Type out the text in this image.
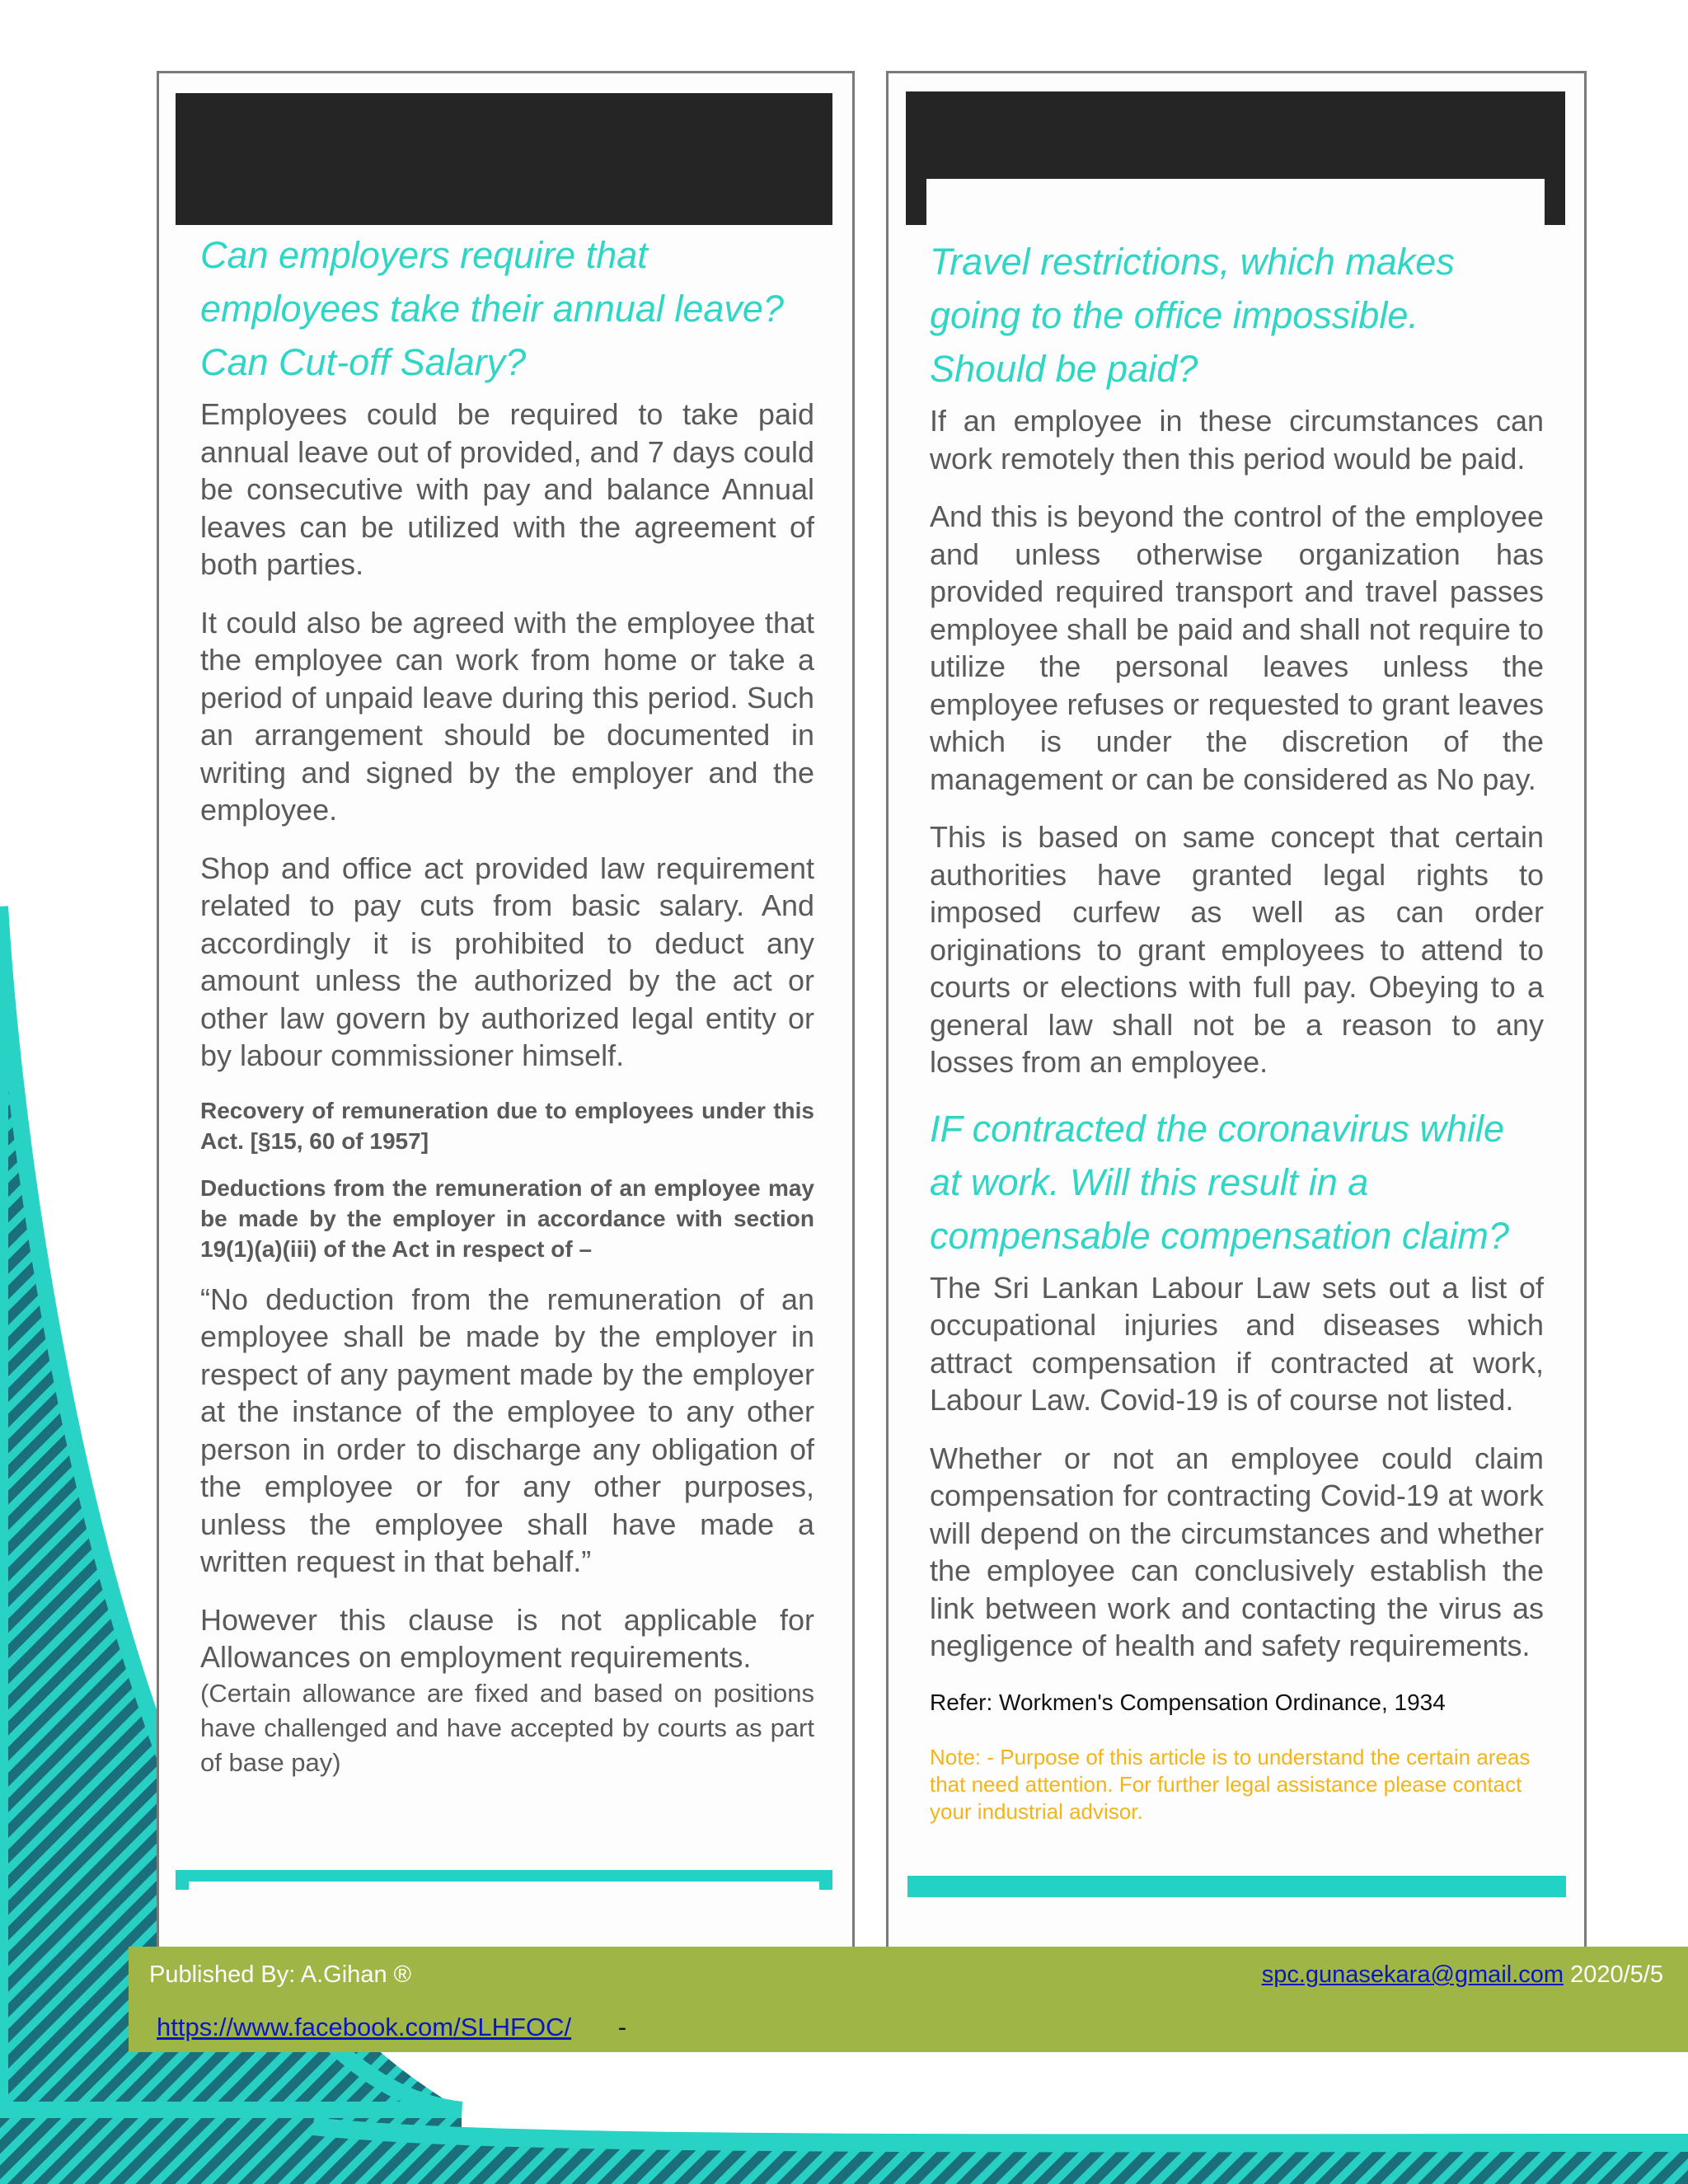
Can employers require that employees take their annual leave? Can Cut-off Salary?

Employees could be required to take paid annual leave out of provided, and 7 days could be consecutive with pay and balance Annual leaves can be utilized with the agreement of both parties.

It could also be agreed with the employee that the employee can work from home or take a period of unpaid leave during this period. Such an arrangement should be documented in writing and signed by the employer and the employee.

Shop and office act provided law requirement related to pay cuts from basic salary. And accordingly it is prohibited to deduct any amount unless the authorized by the act or other law govern by authorized legal entity or by labour commissioner himself.

Recovery of remuneration due to employees under this Act. [§15, 60 of 1957]

Deductions from the remuneration of an employee may be made by the employer in accordance with section 19(1)(a)(iii) of the Act in respect of –

“No deduction from the remuneration of an employee shall be made by the employer in respect of any payment made by the employer at the instance of the employee to any other person in order to discharge any obligation of the employee or for any other purposes, unless the employee shall have made a written request in that behalf.”

However this clause is not applicable for Allowances on employment requirements.

(Certain allowance are fixed and based on positions have challenged and have accepted by courts as part of base pay)

Travel restrictions, which makes going to the office impossible. Should be paid?

If an employee in these circumstances can work remotely then this period would be paid.

And this is beyond the control of the employee and unless otherwise organization has provided required transport and travel passes employee shall be paid and shall not require to utilize the personal leaves unless the employee refuses or requested to grant leaves which is under the discretion of the management or can be considered as No pay.

This is based on same concept that certain authorities have granted legal rights to imposed curfew as well as can order originations to grant employees to attend to courts or elections with full pay. Obeying to a general law shall not be a reason to any losses from an employee.

IF contracted the coronavirus while at work. Will this result in a compensable compensation claim?

The Sri Lankan Labour Law sets out a list of occupational injuries and diseases which attract compensation if contracted at work, Labour Law. Covid-19 is of course not listed.

Whether or not an employee could claim compensation for contracting Covid-19 at work will depend on the circumstances and whether the employee can conclusively establish the link between work and contacting the virus as negligence of health and safety requirements.

Refer: Workmen's Compensation Ordinance, 1934

Note: - Purpose of this article is to understand the certain areas that need attention. For further legal assistance please contact your industrial advisor.

Published By: A.Gihan ®	spc.gunasekara@gmail.com 2020/5/5
https://www.facebook.com/SLHFOC/ -
